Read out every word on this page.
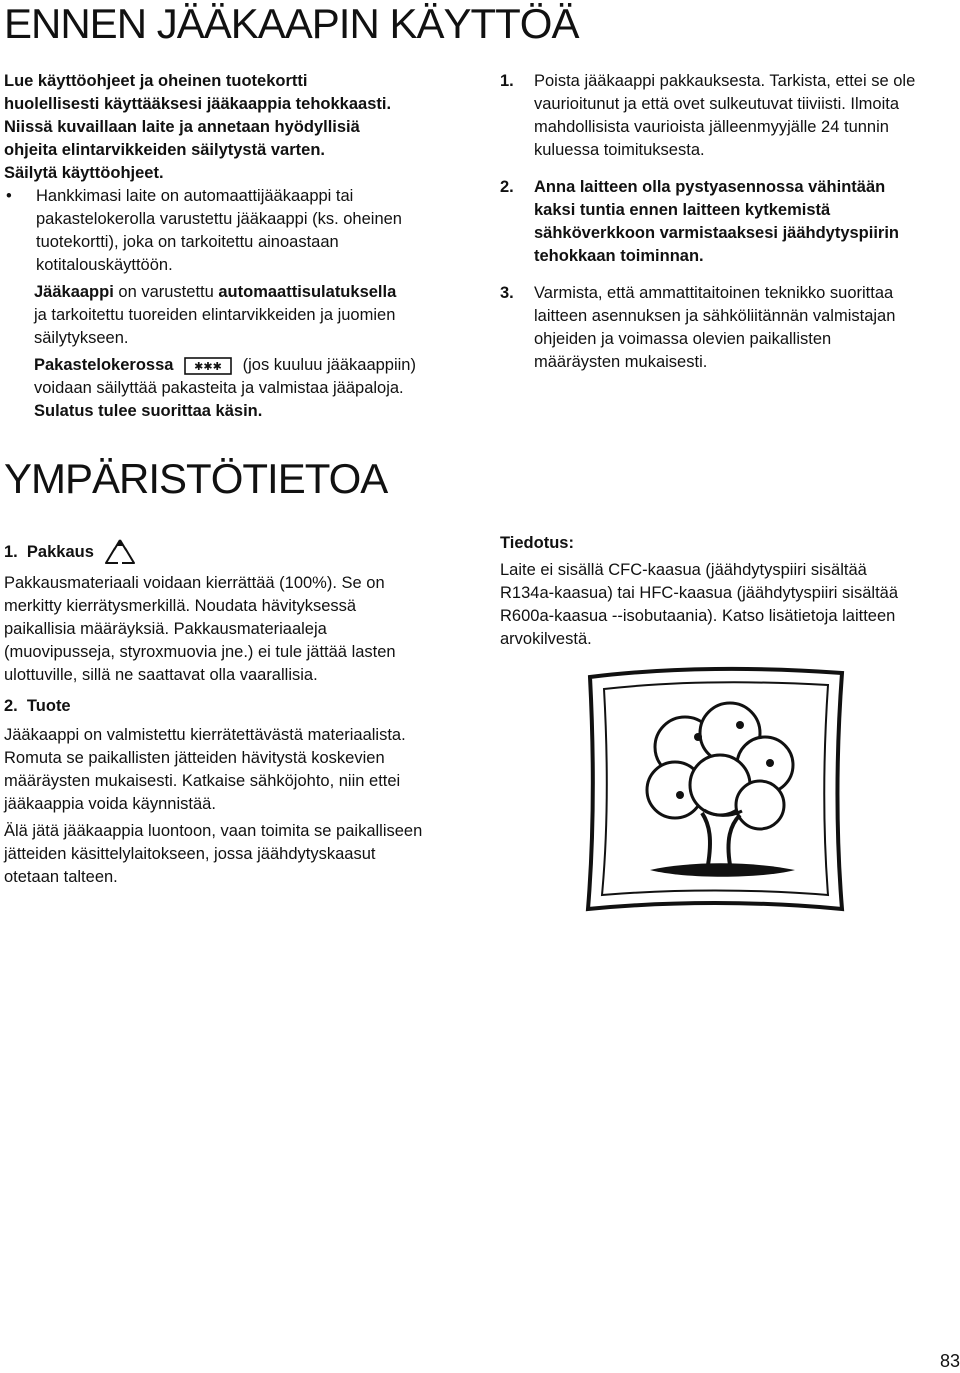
ENNEN JÄÄKAAPIN KÄYTTÖÄ
Lue käyttöohjeet ja oheinen tuotekortti
huolellisesti käyttääksesi jääkaappia tehokkaasti.
Niissä kuvaillaan laite ja annetaan hyödyllisiä
ohjeita elintarvikkeiden säilytystä varten.
Säilytä käyttöohjeet.
•	Hankkimasi laite on automaattijääkaappi tai
pakastelokerolla varustettu jääkaappi (ks. oheinen
tuotekortti), joka on tarkoitettu ainoastaan
kotitalouskäyttöön.
Jääkaappi on varustettu automaattisulatuksella
ja tarkoitettu tuoreiden elintarvikkeiden ja juomien
säilytykseen.
Pakastelokerossa ✱✱✱ (jos kuuluu jääkaappiin)
voidaan säilyttää pakasteita ja valmistaa jääpaloja.
Sulatus tulee suorittaa käsin.
1.	Poista jääkaappi pakkauksesta. Tarkista, ettei se ole
vaurioitunut ja että ovet sulkeutuvat tiiviisti. Ilmoita
mahdollisista vaurioista jälleenmyyjälle 24 tunnin
kuluessa toimituksesta.
2.	Anna laitteen olla pystyasennossa vähintään
kaksi tuntia ennen laitteen kytkemistä
sähköverkkoon varmistaaksesi jäähdytyspiirin
tehokkaan toiminnan.
3.	Varmista, että ammattitaitoinen teknikko suorittaa
laitteen asennuksen ja sähköliitännän valmistajan
ohjeiden ja voimassa olevien paikallisten
määräysten mukaisesti.
YMPÄRISTÖTIETOA
1.  Pakkaus
Pakkausmateriaali voidaan kierrättää (100%). Se on
merkitty kierrätysmerkillä. Noudata hävityksessä
paikallisia määräyksiä. Pakkausmateriaaleja
(muovipusseja, styroxmuovia jne.) ei tule jättää lasten
ulottuville, sillä ne saattavat olla vaarallisia.
2.  Tuote
Jääkaappi on valmistettu kierrätettävästä materiaalista.
Romuta se paikallisten jätteiden hävitystä koskevien
määräysten mukaisesti. Katkaise sähköjohto, niin ettei
jääkaappia voida käynnistää.
Älä jätä jääkaappia luontoon, vaan toimita se paikalliseen
jätteiden käsittelylaitokseen, jossa jäähdytyskaasut
otetaan talteen.
Tiedotus:
Laite ei sisällä CFC-kaasua (jäähdytyspiiri sisältää
R134a-kaasua) tai HFC-kaasua (jäähdytyspiiri sisältää
R600a-kaasua --isobutaania). Katso lisätietoja laitteen
arvokilvestä.
83
